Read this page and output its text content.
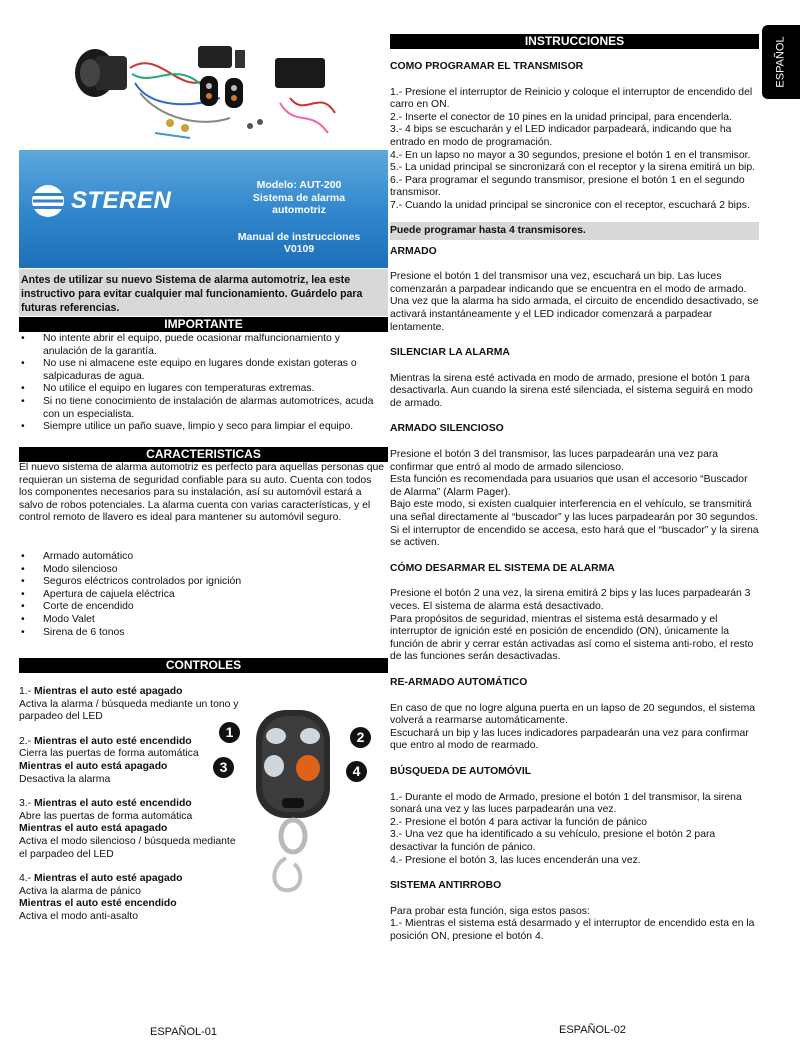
STEREN
Modelo: AUT-200
Sistema de alarma
automotriz
Manual de instrucciones
V0109
Antes de utilizar su nuevo Sistema de alarma automotriz, lea este instructivo para evitar cualquier mal funcionamiento. Guárdelo para futuras referencias.
IMPORTANTE
• No intente abrir el equipo, puede ocasionar malfuncionamiento y anulación de la garantía.
• No use ni almacene este equipo en lugares donde existan goteras o salpicaduras de agua.
• No utilice el equipo en lugares con temperaturas extremas.
• Si no tiene conocimiento de instalación de alarmas automotrices, acuda con un especialista.
• Siempre utilice un paño suave, limpio y seco para limpiar el equipo.
CARACTERISTICAS
El nuevo sistema de alarma automotriz es perfecto para aquellas personas que requieran un sistema de seguridad confiable para su auto. Cuenta con todos los componentes necesarios para su instalación, así su automóvil estará a salvo de robos potenciales. La alarma cuenta con varias características, y el control remoto de llavero es ideal para mantener su automóvil seguro.
• Armado automático
• Modo silencioso
• Seguros eléctricos controlados por ignición
• Apertura de cajuela eléctrica
• Corte de encendido
• Modo Valet
• Sirena de 6 tonos
CONTROLES
1.- Mientras el auto esté apagado
Activa la alarma / búsqueda mediante un tono y parpadeo del LED
2.- Mientras el auto esté encendido
Cierra las puertas de forma automática
Mientras el auto está apagado
Desactiva la alarma
3.- Mientras el auto esté encendido
Abre las puertas de forma automática
Mientras el auto está apagado
Activa el modo silencioso / búsqueda mediante el parpadeo del LED
4.- Mientras el auto esté apagado
Activa la alarma de pánico
Mientras el auto esté encendido
Activa el modo anti-asalto
1	2
3	4
INSTRUCCIONES	ESPAÑOL
COMO PROGRAMAR EL TRANSMISOR
1.- Presione el interruptor de Reinicio y coloque el interruptor de encendido del carro en ON.
2.- Inserte el conector de 10 pines en la unidad principal, para encenderla.
3.- 4 bips se escucharán y el LED indicador parpadeará, indicando que ha entrado en modo de programación.
4.- En un lapso no mayor a 30 segundos, presione el botón 1 en el transmisor.
5.- La unidad principal se sincronizará con el receptor y la sirena emitirá un bip.
6.- Para programar el segundo transmisor, presione el botón 1 en el segundo transmisor.
7.- Cuando la unidad principal se sincronice con el receptor, escuchará 2 bips.
Puede programar hasta 4 transmisores.
ARMADO
Presione el botón 1 del transmisor una vez, escuchará un bip. Las luces comenzarán a parpadear indicando que se encuentra en el modo de armado.
Una vez que la alarma ha sido armada, el circuito de encendido desactivado, se activará instantáneamente y el LED indicador comenzará a parpadear lentamente.
SILENCIAR LA ALARMA
Mientras la sirena esté activada en modo de armado, presione el botón 1 para desactivarla. Aun cuando la sirena esté silenciada, el sistema seguirá en modo de armado.
ARMADO SILENCIOSO
Presione el botón 3 del transmisor, las luces parpadearán una vez para confirmar que entró al modo de armado silencioso.
Esta función es recomendada para usuarios que usan el accesorio “Buscador de Alarma” (Alarm Pager).
Bajo este modo, si existen cualquier interferencia en el vehículo, se transmitirá una señal directamente al “buscador” y las luces parpadearán por 30 segundos.
Si el interruptor de encendido se accesa, esto hará que el “buscador” y la sirena se activen.
CÓMO DESARMAR EL SISTEMA DE ALARMA
Presione el botón 2 una vez, la sirena emitirá 2 bips y las luces parpadearán 3 veces. El sistema de alarma está desactivado.
Para propósitos de seguridad, mientras el sistema está desarmado y el interruptor de ignición esté en posición de encendido (ON), únicamente la función de abrir y cerrar están activadas así como el sistema anti-robo, el resto de las funciones serán desactivadas.
RE-ARMADO AUTOMÁTICO
En caso de que no logre alguna puerta en un lapso de 20 segundos, el sistema volverá a rearmarse automáticamente.
Escuchará un bip y las luces indicadores parpadearán una vez para confirmar que entro al modo de rearmado.
BÚSQUEDA DE AUTOMÓVIL
1.- Durante el modo de Armado, presione el botón 1 del transmisor, la sirena sonará una vez y las luces parpadearán una vez.
2.- Presione el botón 4 para activar la función de pánico
3.- Una vez que ha identificado a su vehículo, presione el botón 2 para desactivar la función de pánico.
4.- Presione el botón 3, las luces encenderán una vez.
SISTEMA ANTIRROBO
Para probar esta función, siga estos pasos:
1.- Mientras el sistema está desarmado y el interruptor de encendido esta en la posición ON, presione el botón 4.
ESPAÑOL-01	ESPAÑOL-02
